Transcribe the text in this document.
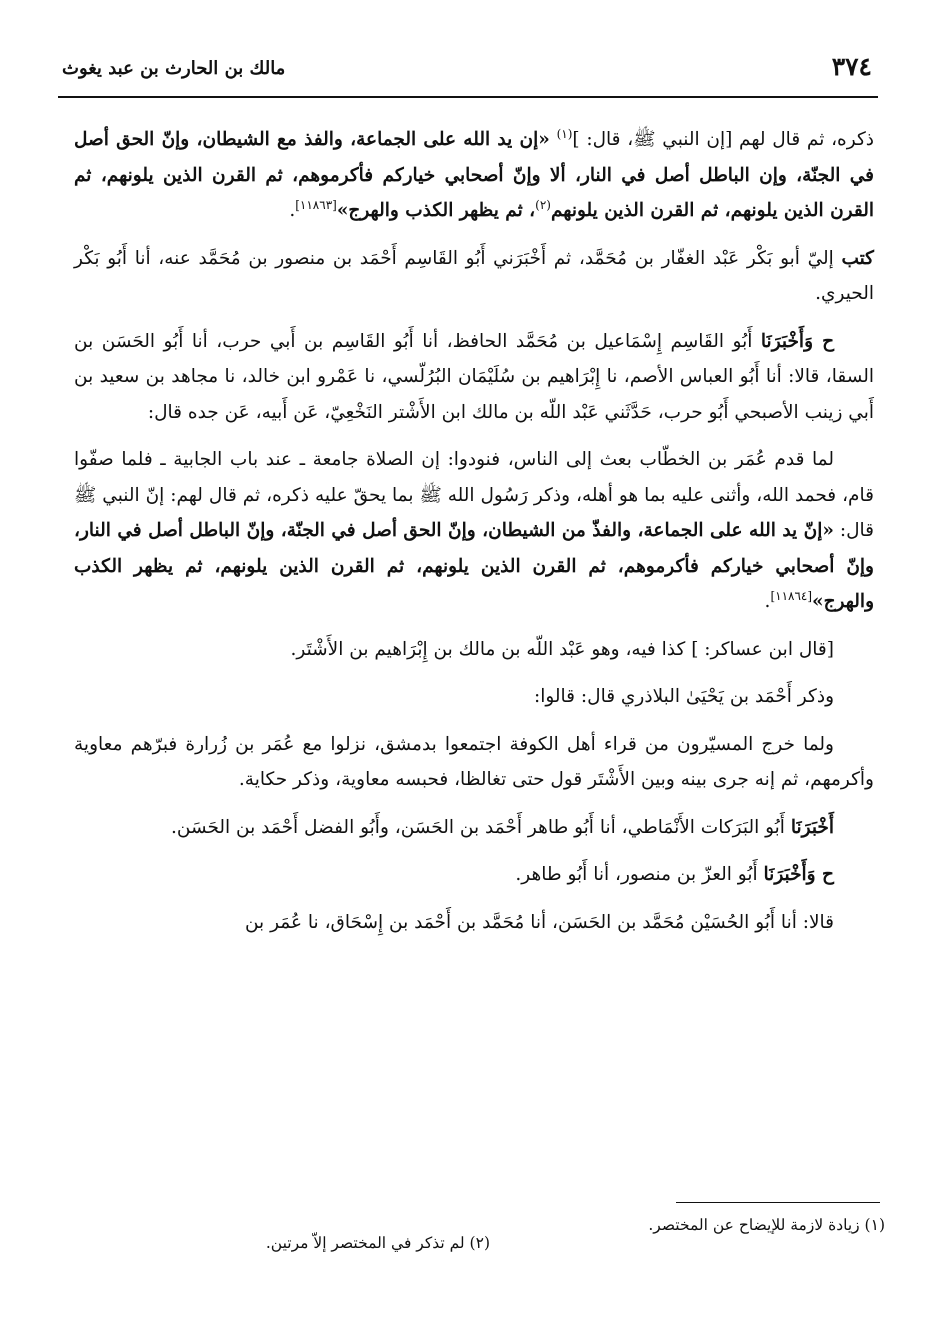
٣٧٤
مالك بن الحارث بن عبد يغوث

ذكره، ثم قال لهم [إن النبي ﷺ، قال: ]$^{(١)}$ «إن يد الله على الجماعة، والفذ مع الشيطان، وإنّ الحق أصل في الجنّة، وإن الباطل أصل في النار، ألا وإنّ أصحابي خياركم فأكرموهم، ثم القرن الذين يلونهم، ثم القرن الذين يلونهم، ثم القرن الذين يلونهم$^{(٢)}$، ثم يظهر الكذب والهرج»[١١٨٦٣].

كتب إليّ أبو بَكْر عَبْد الغفّار بن مُحَمَّد، ثم أَخْبَرَني أَبُو القَاسِم أَحْمَد بن منصور بن مُحَمَّد عنه، أنا أَبُو بَكْر الحيري.

ح وَأَخْبَرَنَا أَبُو القَاسِم إِسْمَاعيل بن مُحَمَّد الحافظ، أنا أَبُو القَاسِم بن أَبي حرب، أنا أَبُو الحَسَن بن السقا، قالا: أنا أَبُو العباس الأصم، نا إِبْرَاهيم بن سُلَيْمَان البُرُلّسي، نا عَمْرو ابن خالد، نا مجاهد بن سعيد بن أَبي زينب الأصبحي أَبُو حرب، حَدَّثَني عَبْد اللّه بن مالك ابن الأَشْتر النَخْعِيّ، عَن أَبيه، عَن جده قال:

لما قدم عُمَر بن الخطّاب بعث إلى الناس، فنودوا: إن الصلاة جامعة ـ عند باب الجابية ـ فلما صفّوا قام، فحمد الله، وأثنى عليه بما هو أهله، وذكر رَسُول الله ﷺ بما يحقّ عليه ذكره، ثم قال لهم: إنّ النبي ﷺ قال: «إنّ يد الله على الجماعة، والفذّ من الشيطان، وإنّ الحق أصل في الجنّة، وإنّ الباطل أصل في النار، وإنّ أصحابي خياركم فأكرموهم، ثم القرن الذين يلونهم، ثم القرن الذين يلونهم، ثم يظهر الكذب والهرج»[١١٨٦٤].

[قال ابن عساكر: ] كذا فيه، وهو عَبْد اللّه بن مالك بن إِبْرَاهيم بن الأَشْتَر.

وذكر أَحْمَد بن يَحْيَىٰ البلاذري قال: قالوا:

ولما خرج المسيّرون من قراء أهل الكوفة اجتمعوا بدمشق، نزلوا مع عُمَر بن زُرارة فبرّهم معاوية وأكرمهم، ثم إنه جرى بينه وبين الأَشْتَر قول حتى تغالظا، فحبسه معاوية، وذكر حكاية.

أَخْبَرَنَا أَبُو البَرَكات الأَنْمَاطي، أنا أَبُو طاهر أَحْمَد بن الحَسَن، وأَبُو الفضل أَحْمَد بن الحَسَن.

ح وَأَخْبَرَنَا أَبُو العزّ بن منصور، أنا أَبُو طاهر.

قالا: أنا أَبُو الحُسَيْن مُحَمَّد بن الحَسَن، أنا مُحَمَّد بن أَحْمَد بن إِسْحَاق، نا عُمَر بن

(١) زيادة لازمة للإيضاح عن المختصر.
(٢) لم تذكر في المختصر إلاّ مرتين.
